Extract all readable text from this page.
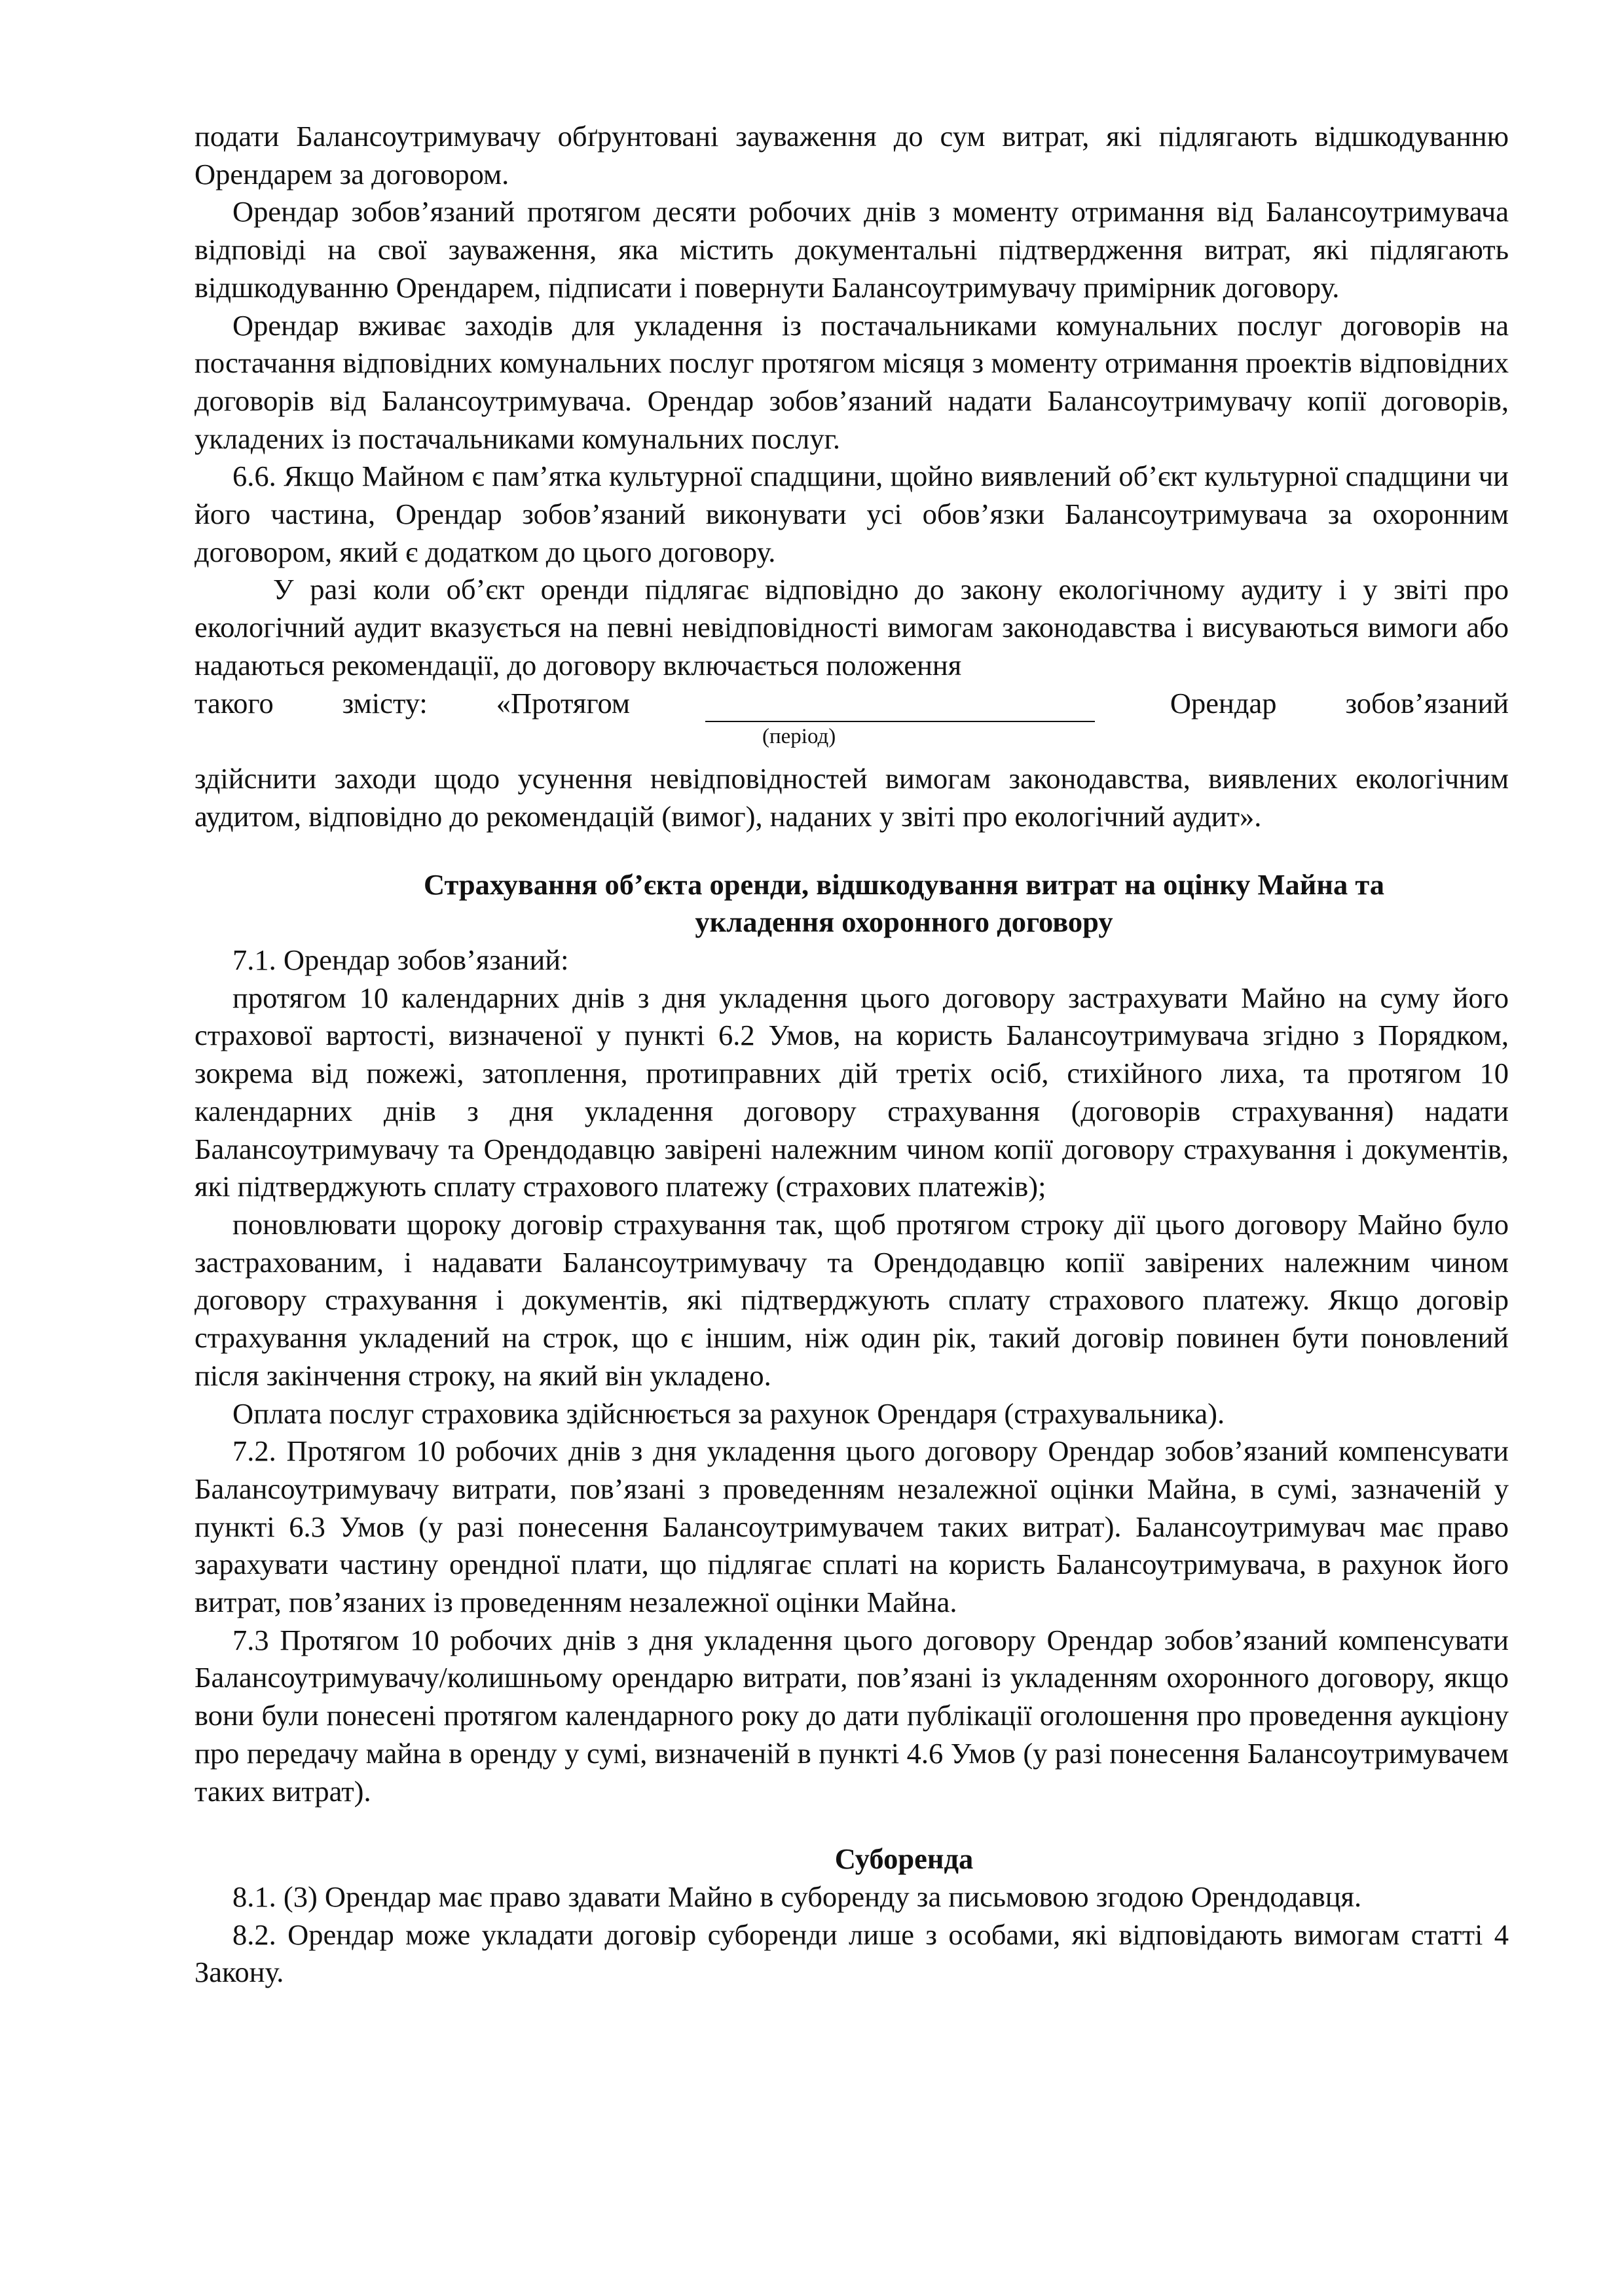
подати Балансоутримувачу обґрунтовані зауваження до сум витрат, які підлягають відшкодуванню Орендарем за договором.

Орендар зобов’язаний протягом десяти робочих днів з моменту отримання від Балансоутримувача відповіді на свої зауваження, яка містить документальні підтвердження витрат, які підлягають відшкодуванню Орендарем, підписати і повернути Балансоутримувачу примірник договору.

Орендар вживає заходів для укладення із постачальниками комунальних послуг договорів на постачання відповідних комунальних послуг протягом місяця з моменту отримання проектів відповідних договорів від Балансоутримувача. Орендар зобов’язаний надати Балансоутримувачу копії договорів, укладених із постачальниками комунальних послуг.

6.6. Якщо Майном є пам’ятка культурної спадщини, щойно виявлений об’єкт культурної спадщини чи його частина, Орендар зобов’язаний виконувати усі обов’язки Балансоутримувача за охоронним договором, який є додатком до цього договору.

У разі коли об’єкт оренди підлягає відповідно до закону екологічному аудиту і у звіті про екологічний аудит вказується на певні невідповідності вимогам законодавства і висуваються вимоги або надаються рекомендації, до договору включається положення

такого змісту: «Протягом	Орендар зобов’язаний

(період)

здійснити заходи щодо усунення невідповідностей вимогам законодавства, виявлених екологічним аудитом, відповідно до рекомендацій (вимог), наданих у звіті про екологічний аудит».

Страхування об’єкта оренди, відшкодування витрат на оцінку Майна та

укладення охоронного договору

7.1. Орендар зобов’язаний:

протягом 10 календарних днів з дня укладення цього договору застрахувати Майно на суму його страхової вартості, визначеної у пункті 6.2 Умов, на користь Балансоутримувача згідно з Порядком, зокрема від пожежі, затоплення, протиправних дій третіх осіб, стихійного лиха, та протягом 10 календарних днів з дня укладення договору страхування (договорів страхування) надати Балансоутримувачу та Орендодавцю завірені належним чином копії договору страхування і документів, які підтверджують сплату страхового платежу (страхових платежів);

поновлювати щороку договір страхування так, щоб протягом строку дії цього договору Майно було застрахованим, і надавати Балансоутримувачу та Орендодавцю копії завірених належним чином договору страхування і документів, які підтверджують сплату страхового платежу. Якщо договір страхування укладений на строк, що є іншим, ніж один рік, такий договір повинен бути поновлений після закінчення строку, на який він укладено.

Оплата послуг страховика здійснюється за рахунок Орендаря (страхувальника).

7.2. Протягом 10 робочих днів з дня укладення цього договору Орендар зобов’язаний компенсувати Балансоутримувачу витрати, пов’язані з проведенням незалежної оцінки Майна, в сумі, зазначеній у пункті 6.3 Умов (у разі понесення Балансоутримувачем таких витрат). Балансоутримувач має право зарахувати частину орендної плати, що підлягає сплаті на користь Балансоутримувача, в рахунок його витрат, пов’язаних із проведенням незалежної оцінки Майна.

7.3 Протягом 10 робочих днів з дня укладення цього договору Орендар зобов’язаний компенсувати Балансоутримувачу/колишньому орендарю витрати, пов’язані із укладенням охоронного договору, якщо вони були понесені протягом календарного року до дати публікації оголошення про проведення аукціону про передачу майна в оренду у сумі, визначеній в пункті 4.6 Умов (у разі понесення Балансоутримувачем таких витрат).

Суборенда

8.1. (3) Орендар має право здавати Майно в суборенду за письмовою згодою Орендодавця.

8.2. Орендар може укладати договір суборенди лише з особами, які відповідають вимогам статті 4 Закону.
